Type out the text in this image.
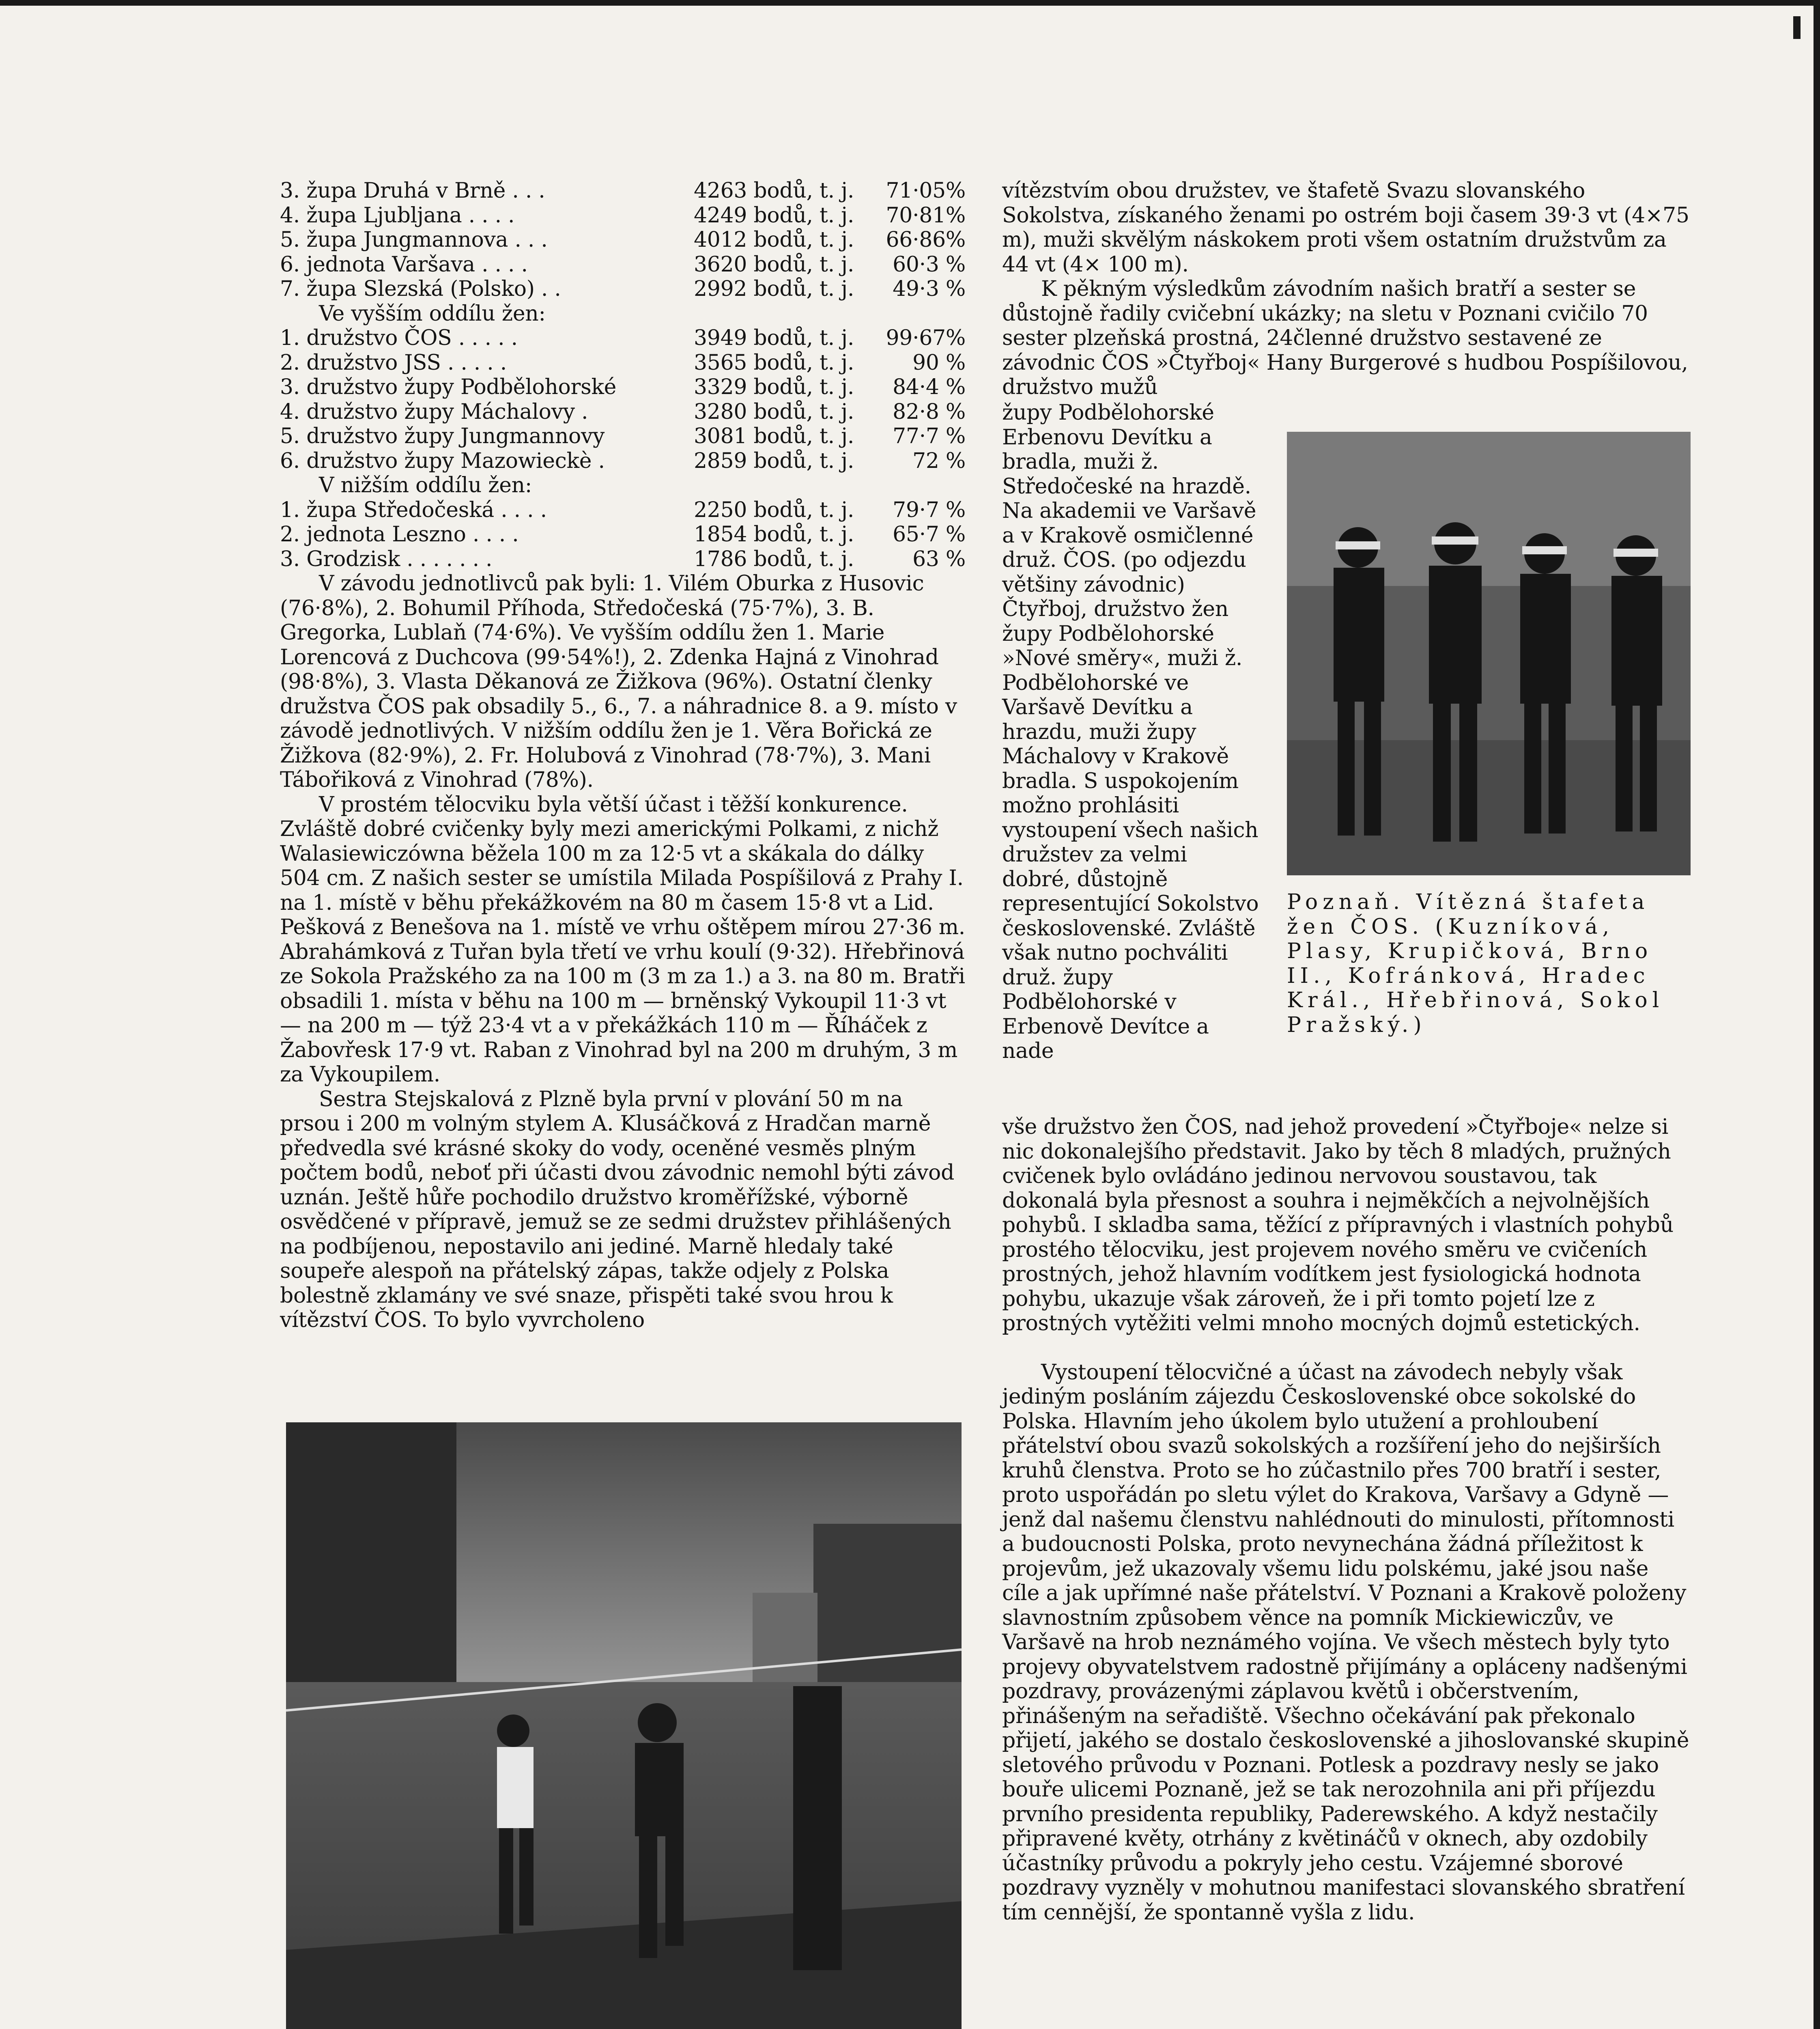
3. župa Druhá v Brně . . .	4263 bodů, t. j.	71·05%
4. župa Ljubljana . . . .	4249 bodů, t. j.	70·81%
5. župa Jungmannova . . .	4012 bodů, t. j.	66·86%
6. jednota Varšava . . . .	3620 bodů, t. j.	60·3 %
7. župa Slezská (Polsko) . .	2992 bodů, t. j.	49·3 %

Ve vyšším oddílu žen:

1. družstvo ČOS . . . . .	3949 bodů, t. j.	99·67%
2. družstvo JSS . . . . .	3565 bodů, t. j.	90 %
3. družstvo župy Podbělohorské	3329 bodů, t. j.	84·4 %
4. družstvo župy Máchalovy .	3280 bodů, t. j.	82·8 %
5. družstvo župy Jungmannovy	3081 bodů, t. j.	77·7 %
6. družstvo župy Mazowieckè .	2859 bodů, t. j.	72 %

V nižším oddílu žen:

1. župa Středočeská . . . .	2250 bodů, t. j.	79·7 %
2. jednota Leszno . . . .	1854 bodů, t. j.	65·7 %
3. Grodzisk . . . . . . .	1786 bodů, t. j.	63 %

V závodu jednotlivců pak byli: 1. Vilém Oburka z Husovic (76·8%), 2. Bohumil Příhoda, Středočeská (75·7%), 3. B. Gregorka, Lublaň (74·6%). Ve vyšším oddílu žen 1. Marie Lorencová z Duchcova (99·54%!), 2. Zdenka Hajná z Vinohrad (98·8%), 3. Vlasta Děkanová ze Žižkova (96%). Ostatní členky družstva ČOS pak obsadily 5., 6., 7. a náhradnice 8. a 9. místo v závodě jednotlivých. V nižším oddílu žen je 1. Věra Bořická ze Žižkova (82·9%), 2. Fr. Holubová z Vinohrad (78·7%), 3. Mani Tábořiková z Vinohrad (78%).

V prostém tělocviku byla větší účast i těžší konkurence. Zvláště dobré cvičenky byly mezi americkými Polkami, z nichž Walasiewiczówna běžela 100 m za 12·5 vt a skákala do dálky 504 cm. Z našich sester se umístila Milada Pospíšilová z Prahy I. na 1. místě v běhu překážkovém na 80 m časem 15·8 vt a Lid. Pešková z Benešova na 1. místě ve vrhu oštěpem mírou 27·36 m. Abrahámková z Tuřan byla třetí ve vrhu koulí (9·32). Hřebřinová ze Sokola Pražského za na 100 m (3 m za 1.) a 3. na 80 m. Bratři obsadili 1. místa v běhu na 100 m — brněnský Vykoupil 11·3 vt — na 200 m — týž 23·4 vt a v překážkách 110 m — Říháček z Žabovřesk 17·9 vt. Raban z Vinohrad byl na 200 m druhým, 3 m za Vykoupilem.

Sestra Stejskalová z Plzně byla první v plování 50 m na prsou i 200 m volným stylem A. Klusáčková z Hradčan marně předvedla své krásné skoky do vody, oceněné vesměs plným počtem bodů, neboť při účasti dvou závodnic nemohl býti závod uznán. Ještě hůře pochodilo družstvo kroměřížské, výborně osvědčené v přípravě, jemuž se ze sedmi družstev přihlášených na podbíjenou, nepostavilo ani jediné. Marně hledaly také soupeře alespoň na přátelský zápas, takže odjely z Polska bolestně zklamány ve své snaze, přispěti také svou hrou k vítězství ČOS. To bylo vyvrcholeno

vítězstvím obou družstev, ve štafetě Svazu slovanského Sokolstva, získaného ženami po ostrém boji časem 39·3 vt (4×75 m), muži skvělým náskokem proti všem ostatním družstvům za 44 vt (4× 100 m).

K pěkným výsledkům závodním našich bratří a sester se důstojně řadily cvičební ukázky; na sletu v Poznani cvičilo 70 sester plzeňská prostná, 24členné družstvo sestavené ze závodnic ČOS »Čtyřboj« Hany Burgerové s hudbou Pospíšilovou, družstvo mužů

župy Podbělohorské Erbenovu Devítku a bradla, muži ž. Středočeské na hrazdě. Na akademii ve Varšavě a v Krakově osmičlenné druž. ČOS. (po odjezdu většiny závodnic) Čtyřboj, družstvo žen župy Podbělohorské »Nové směry«, muži ž. Podbělohorské ve Varšavě Devítku a hrazdu, muži župy Máchalovy v Krakově bradla. S uspokojením možno prohlásiti vystoupení všech našich družstev za velmi dobré, důstojně representující Sokolstvo československé. Zvláště však nutno pochváliti druž. župy Podbělohorské v Erbenově Devítce a nade

Poznaň. Vítězná štafeta žen ČOS. (Kuzníková, Plasy, Krupičková, Brno II., Kofránková, Hradec Král., Hřebřinová, Sokol Pražský.)

vše družstvo žen ČOS, nad jehož provedení »Čtyřboje« nelze si nic dokonalejšího představit. Jako by těch 8 mladých, pružných cvičenek bylo ovládáno jedinou nervovou soustavou, tak dokonalá byla přesnost a souhra i nejměkčích a nejvolnějších pohybů. I skladba sama, těžící z přípravných i vlastních pohybů prostého tělocviku, jest projevem nového směru ve cvičeních prostných, jehož hlavním vodítkem jest fysiologická hodnota pohybu, ukazuje však zároveň, že i při tomto pojetí lze z prostných vytěžiti velmi mnoho mocných dojmů estetických.

Vystoupení tělocvičné a účast na závodech nebyly však jediným posláním zájezdu Československé obce sokolské do Polska. Hlavním jeho úkolem bylo utužení a prohloubení přátelství obou svazů sokolských a rozšíření jeho do nejširších kruhů členstva. Proto se ho zúčastnilo přes 700 bratří i sester, proto uspořádán po sletu výlet do Krakova, Varšavy a Gdyně — jenž dal našemu členstvu nahlédnouti do minulosti, přítomnosti a budoucnosti Polska, proto nevynechána žádná příležitost k projevům, jež ukazovaly všemu lidu polskému, jaké jsou naše cíle a jak upřímné naše přátelství. V Poznani a Krakově položeny slavnostním způsobem věnce na pomník Mickiewiczův, ve Varšavě na hrob neznámého vojína. Ve všech městech byly tyto projevy obyvatelstvem radostně přijímány a opláceny nadšenými pozdravy, provázenými záplavou květů i občerstvením, přinášeným na seřadiště. Všechno očekávání pak překonalo přijetí, jakého se dostalo československé a jihoslovanské skupině sletového průvodu v Poznani. Potlesk a pozdravy nesly se jako bouře ulicemi Poznaně, jež se tak nerozohnila ani při příjezdu prvního presidenta republiky, Paderewského. A když nestačily připravené květy, otrhány z květináčů v oknech, aby ozdobily účastníky průvodu a pokryly jeho cestu. Vzájemné sborové pozdravy vyzněly v mohutnou manifestaci slovanského sbratření tím cennější, že spontanně vyšla z lidu.
